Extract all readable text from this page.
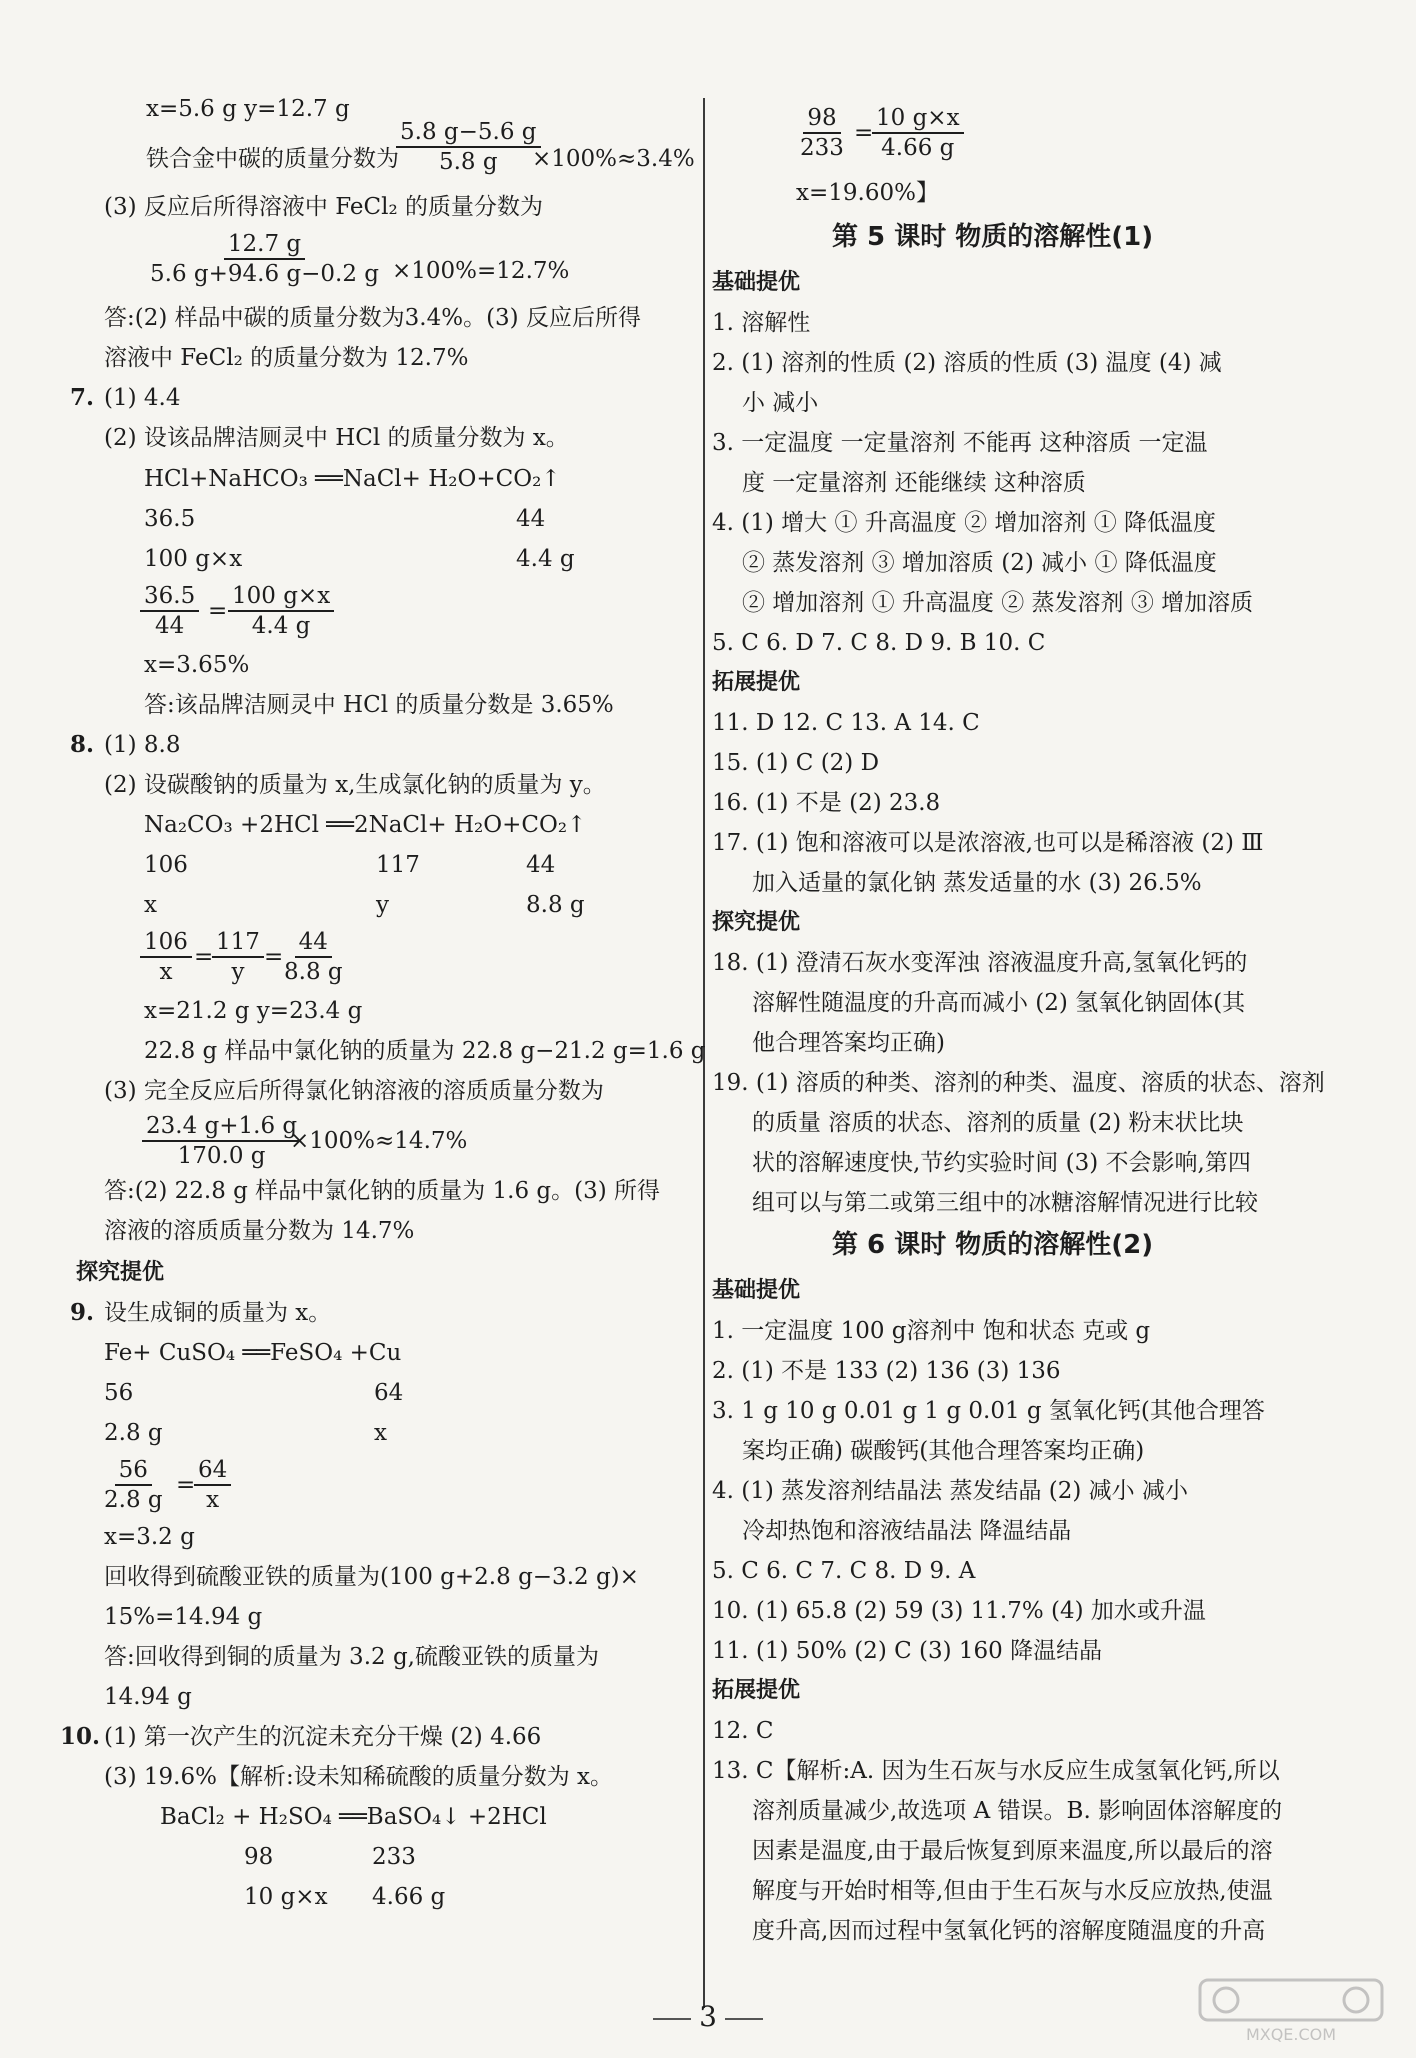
x=5.6 g y=12.7 g
铁合金中碳的质量分数为
$\frac{5.8 g-5.6 g}{5.8 g}$
×100%≈3.4%
(3) 反应后所得溶液中 FeCl₂ 的质量分数为
$\frac{12.7 g}{5.6 g+94.6 g-0.2 g} \times 100\%=12.7\%$
答:(2) 样品中碳的质量分数为3.4%。(3) 反应后所得
溶液中 FeCl₂ 的质量分数为 12.7%
7. (1) 4.4
(2) 设该品牌洁厕灵中 HCl 的质量分数为 x。
HCl+NaHCO₃ ══NaCl+ H₂O+CO₂↑
36.5	44
100 g×x	4.4 g
$\frac{36.5}{44} = \frac{100 g\times x}{4.4 g}$
x=3.65%
答:该品牌洁厕灵中 HCl 的质量分数是 3.65%
8. (1) 8.8
(2) 设碳酸钠的质量为 x,生成氯化钠的质量为 y。
Na₂CO₃ +2HCl ══2NaCl+ H₂O+CO₂↑
106	117	44
x	y	8.8 g
$\frac{106}{x}$ =
$\frac{117}{y}$ =
$\frac{44}{8.8 g}$
x=21.2 g y=23.4 g
22.8 g 样品中氯化钠的质量为 22.8 g−21.2 g=1.6 g
(3) 完全反应后所得氯化钠溶液的溶质质量分数为
$\frac{23.4 g+1.6 g}{170.0 g}$
×100%≈14.7%
答:(2) 22.8 g 样品中氯化钠的质量为 1.6 g。(3) 所得
溶液的溶质质量分数为 14.7%
探究提优
9. 设生成铜的质量为 x。
Fe+ CuSO₄ ══FeSO₄ +Cu
56	64
2.8 g	x
$\frac{56}{2.8 g}$ =
$\frac{64}{x}$
x=3.2 g
回收得到硫酸亚铁的质量为(100 g+2.8 g−3.2 g)×
15%=14.94 g
答:回收得到铜的质量为 3.2 g,硫酸亚铁的质量为
14.94 g
10. (1) 第一次产生的沉淀未充分干燥 (2) 4.66
(3) 19.6%【解析:设未知稀硫酸的质量分数为 x。
BaCl₂ + H₂SO₄ ══BaSO₄↓ +2HCl
98	233
10 g×x 4.66 g
$\frac{98}{233}$ =
$\frac{10 g\times x}{4.66 g}$
x=19.60%】
第 5 课时 物质的溶解性(1)
基础提优
1. 溶解性
2. (1) 溶剂的性质 (2) 溶质的性质 (3) 温度 (4) 减
小 减小
3. 一定温度 一定量溶剂 不能再 这种溶质 一定温
度 一定量溶剂 还能继续 这种溶质
4. (1) 增大 ① 升高温度 ② 增加溶剂 ① 降低温度
② 蒸发溶剂 ③ 增加溶质 (2) 减小 ① 降低温度
② 增加溶剂 ① 升高温度 ② 蒸发溶剂 ③ 增加溶质
5. C 6. D 7. C 8. D 9. B 10. C
拓展提优
11. D 12. C 13. A 14. C
15. (1) C (2) D
16. (1) 不是 (2) 23.8
17. (1) 饱和溶液可以是浓溶液,也可以是稀溶液 (2) Ⅲ
加入适量的氯化钠 蒸发适量的水 (3) 26.5%
探究提优
18. (1) 澄清石灰水变浑浊 溶液温度升高,氢氧化钙的
溶解性随温度的升高而减小 (2) 氢氧化钠固体(其
他合理答案均正确)
19. (1) 溶质的种类、溶剂的种类、温度、溶质的状态、溶剂
的质量 溶质的状态、溶剂的质量 (2) 粉末状比块
状的溶解速度快,节约实验时间 (3) 不会影响,第四
组可以与第二或第三组中的冰糖溶解情况进行比较
第 6 课时 物质的溶解性(2)
基础提优
1. 一定温度 100 g溶剂中 饱和状态 克或 g
2. (1) 不是 133 (2) 136 (3) 136
3. 1 g 10 g 0.01 g 1 g 0.01 g 氢氧化钙(其他合理答
案均正确) 碳酸钙(其他合理答案均正确)
4. (1) 蒸发溶剂结晶法 蒸发结晶 (2) 减小 减小
冷却热饱和溶液结晶法 降温结晶
5. C 6. C 7. C 8. D 9. A
10. (1) 65.8 (2) 59 (3) 11.7% (4) 加水或升温
11. (1) 50% (2) C (3) 160 降温结晶
拓展提优
12. C
13. C【解析:A. 因为生石灰与水反应生成氢氧化钙,所以
溶剂质量减少,故选项 A 错误。B. 影响固体溶解度的
因素是温度,由于最后恢复到原来温度,所以最后的溶
解度与开始时相等,但由于生石灰与水反应放热,使温
度升高,因而过程中氢氧化钙的溶解度随温度的升高
3
MXQE.COM
